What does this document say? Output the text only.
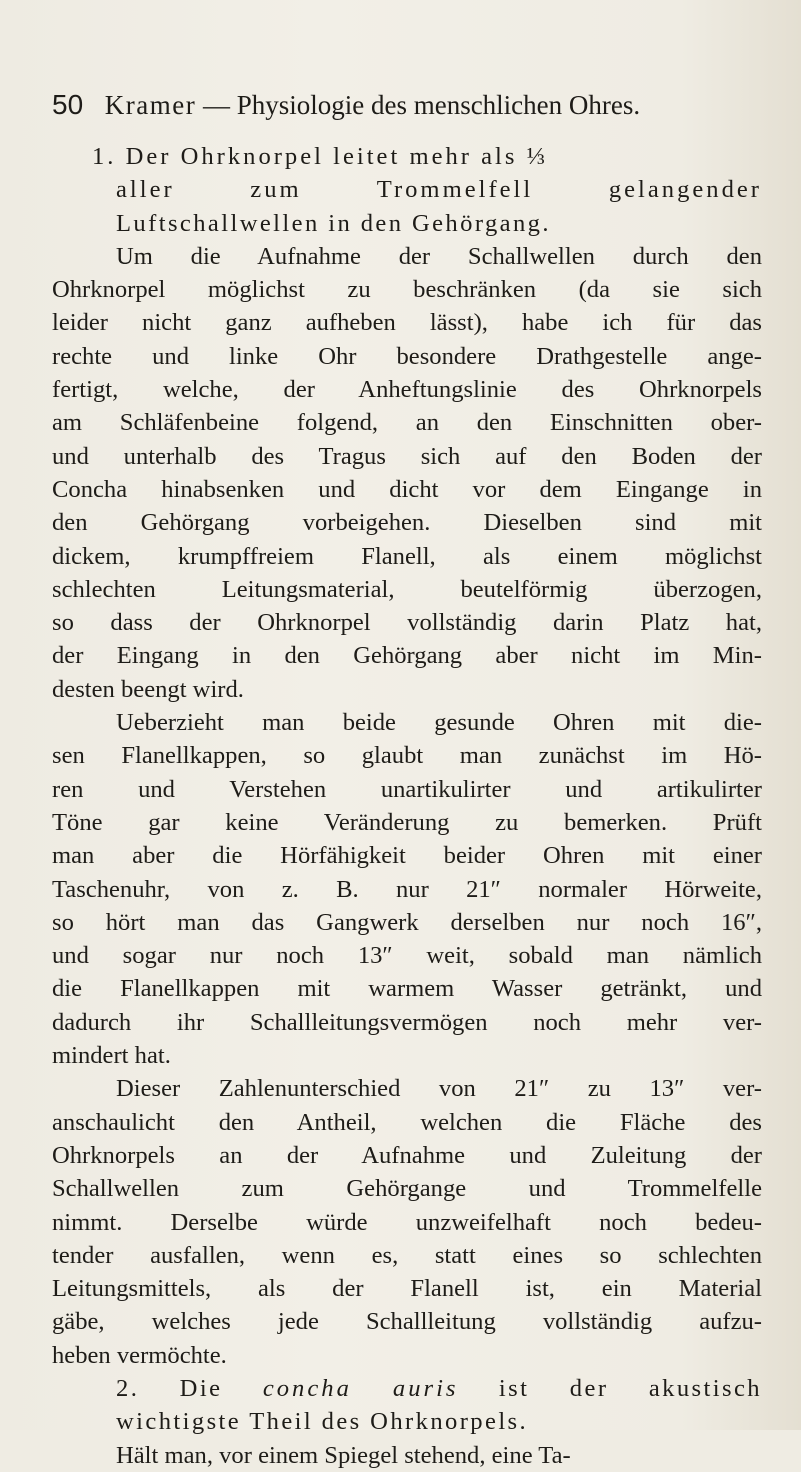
50 Kramer — Physiologie des menschlichen Ohres.
1. Der Ohrknorpel leitet mehr als ⅓
aller zum Trommelfell gelangender
Luftschallwellen in den Gehörgang.
Um die Aufnahme der Schallwellen durch den
Ohrknorpel möglichst zu beschränken (da sie sich
leider nicht ganz aufheben lässt), habe ich für das
rechte und linke Ohr besondere Drathgestelle ange-
fertigt, welche, der Anheftungslinie des Ohrknorpels
am Schläfenbeine folgend, an den Einschnitten ober-
und unterhalb des Tragus sich auf den Boden der
Concha hinabsenken und dicht vor dem Eingange in
den Gehörgang vorbeigehen. Dieselben sind mit
dickem, krumpffreiem Flanell, als einem möglichst
schlechten Leitungsmaterial, beutelförmig überzogen,
so dass der Ohrknorpel vollständig darin Platz hat,
der Eingang in den Gehörgang aber nicht im Min-
desten beengt wird.
Ueberzieht man beide gesunde Ohren mit die-
sen Flanellkappen, so glaubt man zunächst im Hö-
ren und Verstehen unartikulirter und artikulirter
Töne gar keine Veränderung zu bemerken. Prüft
man aber die Hörfähigkeit beider Ohren mit einer
Taschenuhr, von z. B. nur 21″ normaler Hörweite,
so hört man das Gangwerk derselben nur noch 16″,
und sogar nur noch 13″ weit, sobald man nämlich
die Flanellkappen mit warmem Wasser getränkt, und
dadurch ihr Schallleitungsvermögen noch mehr ver-
mindert hat.
Dieser Zahlenunterschied von 21″ zu 13″ ver-
anschaulicht den Antheil, welchen die Fläche des
Ohrknorpels an der Aufnahme und Zuleitung der
Schallwellen zum Gehörgange und Trommelfelle
nimmt. Derselbe würde unzweifelhaft noch bedeu-
tender ausfallen, wenn es, statt eines so schlechten
Leitungsmittels, als der Flanell ist, ein Material
gäbe, welches jede Schallleitung vollständig aufzu-
heben vermöchte.
2. Die concha auris ist der akustisch
wichtigste Theil des Ohrknorpels.
Hält man, vor einem Spiegel stehend, eine Ta-
